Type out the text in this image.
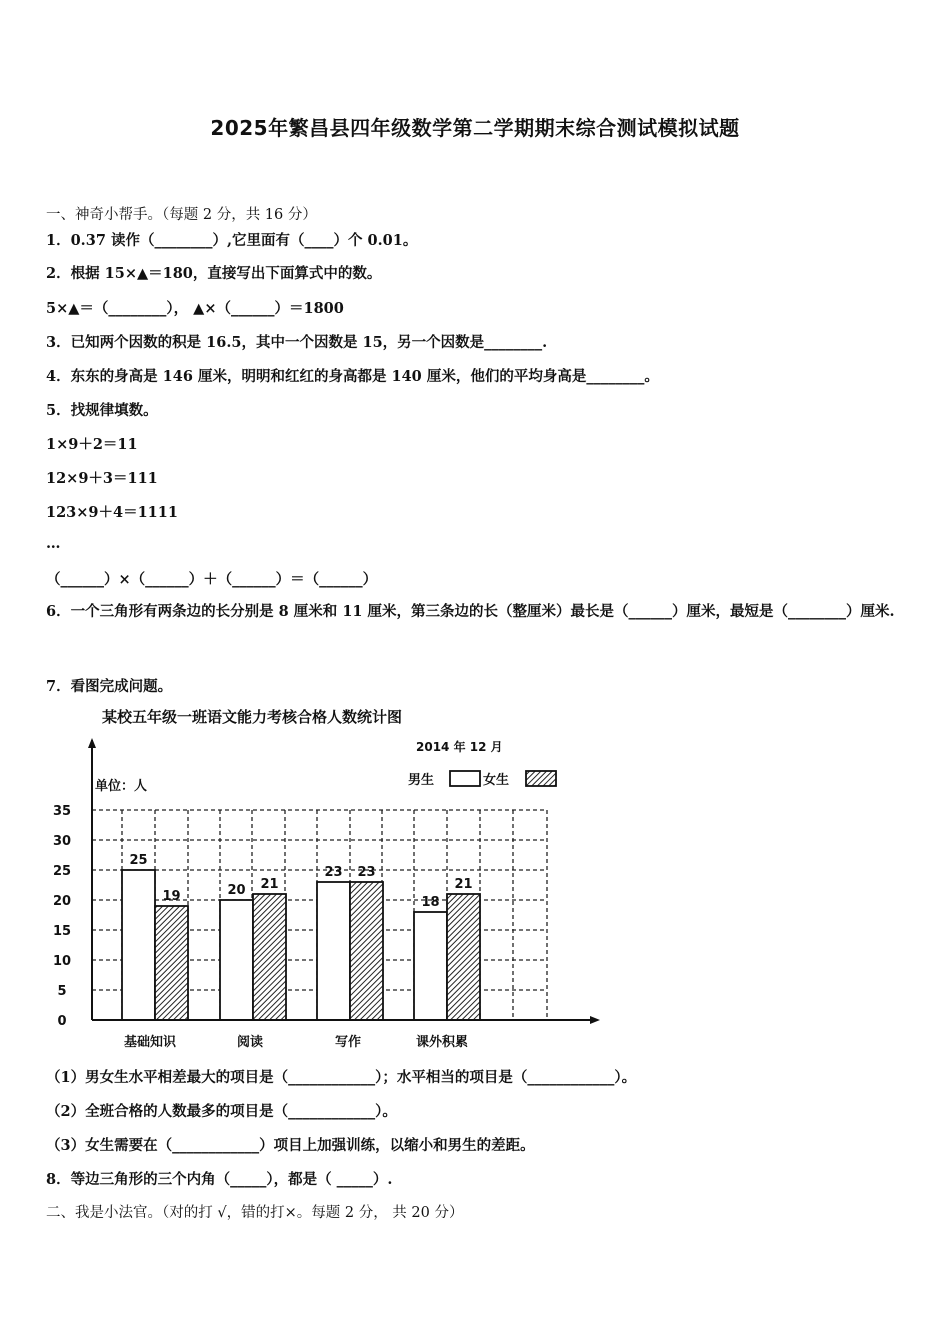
2025年繁昌县四年级数学第二学期期末综合测试模拟试题
一、神奇小帮手。（每题 2 分，共 16 分）
1．0.37 读作（________）,它里面有（____）个 0.01。
2．根据 15×▲＝180，直接写出下面算式中的数。
5×▲＝（________）， ▲×（______）＝1800
3．已知两个因数的积是 16.5，其中一个因数是 15，另一个因数是________.
4．东东的身高是 146 厘米，明明和红红的身高都是 140 厘米，他们的平均身高是________。
5．找规律填数。
1×9＋2＝11
12×9＋3＝111
123×9＋4＝1111
…
（______）×（______）＋（______）＝（______）
6．一个三角形有两条边的长分别是 8 厘米和 11 厘米，第三条边的长（整厘米）最长是（______）厘米，最短是（________）厘米.
7．看图完成问题。
某校五年级一班语文能力考核合格人数统计图
2014 年 12 月
单位：人	男生	女生
0
5
10
15
20
25
30
35
25
19
基础知识
20 21
阅读
23 23
写作
18
21
课外积累
（1）男女生水平相差最大的项目是（____________）；水平相当的项目是（____________）。
（2）全班合格的人数最多的项目是（____________）。
（3）女生需要在（____________）项目上加强训练，以缩小和男生的差距。
8．等边三角形的三个内角（_____），都是（ _____）.
二、我是小法官。（对的打 √，错的打×。每题 2 分， 共 20 分）
